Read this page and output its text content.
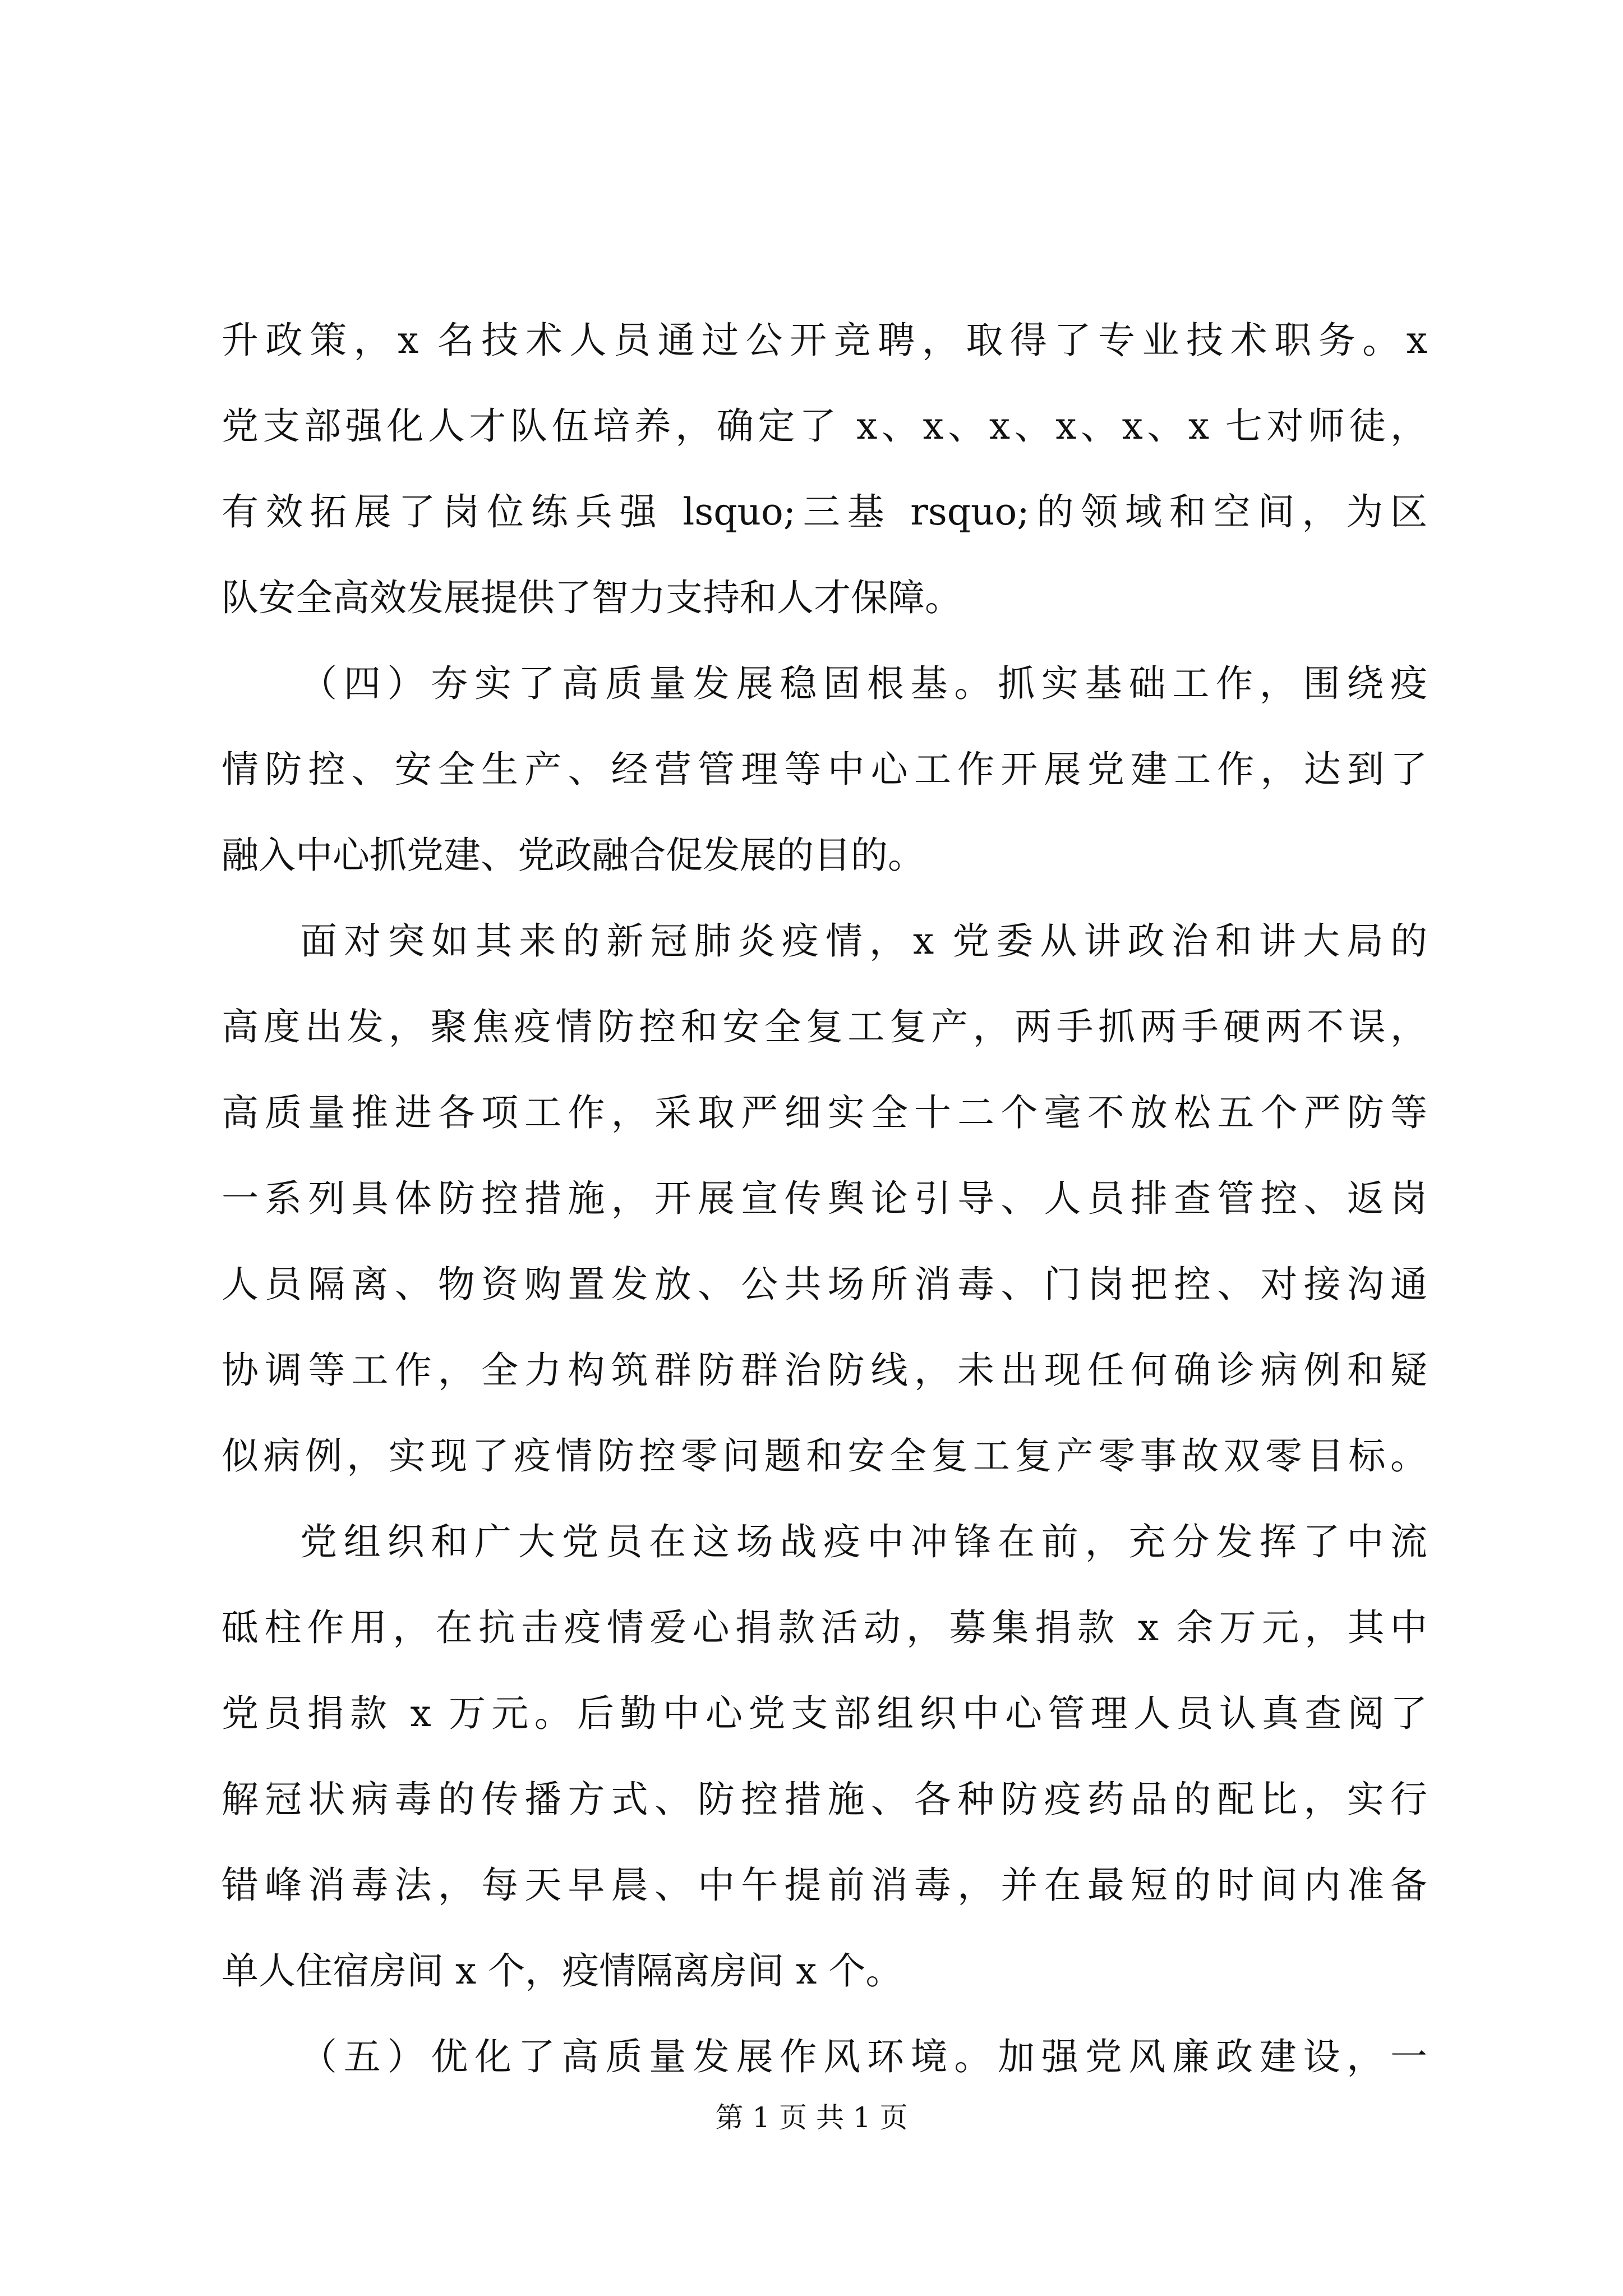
升政策，x 名技术人员通过公开竞聘，取得了专业技术职务。x
党支部强化人才队伍培养，确定了 x、x、x、x、x、x 七对师徒，
有效拓展了岗位练兵强 lsquo;三基 rsquo;的领域和空间，为区
队安全高效发展提供了智力支持和人才保障。
（四）夯实了高质量发展稳固根基。抓实基础工作，围绕疫
情防控、安全生产、经营管理等中心工作开展党建工作，达到了
融入中心抓党建、党政融合促发展的目的。
面对突如其来的新冠肺炎疫情，x 党委从讲政治和讲大局的
高度出发，聚焦疫情防控和安全复工复产，两手抓两手硬两不误，
高质量推进各项工作，采取严细实全十二个毫不放松五个严防等
一系列具体防控措施，开展宣传舆论引导、人员排查管控、返岗
人员隔离、物资购置发放、公共场所消毒、门岗把控、对接沟通
协调等工作，全力构筑群防群治防线，未出现任何确诊病例和疑
似病例，实现了疫情防控零问题和安全复工复产零事故双零目标。
党组织和广大党员在这场战疫中冲锋在前，充分发挥了中流
砥柱作用，在抗击疫情爱心捐款活动，募集捐款 x 余万元，其中
党员捐款 x 万元。后勤中心党支部组织中心管理人员认真查阅了
解冠状病毒的传播方式、防控措施、各种防疫药品的配比，实行
错峰消毒法，每天早晨、中午提前消毒，并在最短的时间内准备
单人住宿房间 x 个，疫情隔离房间 x 个。
（五）优化了高质量发展作风环境。加强党风廉政建设，一
第 1 页 共 1 页
